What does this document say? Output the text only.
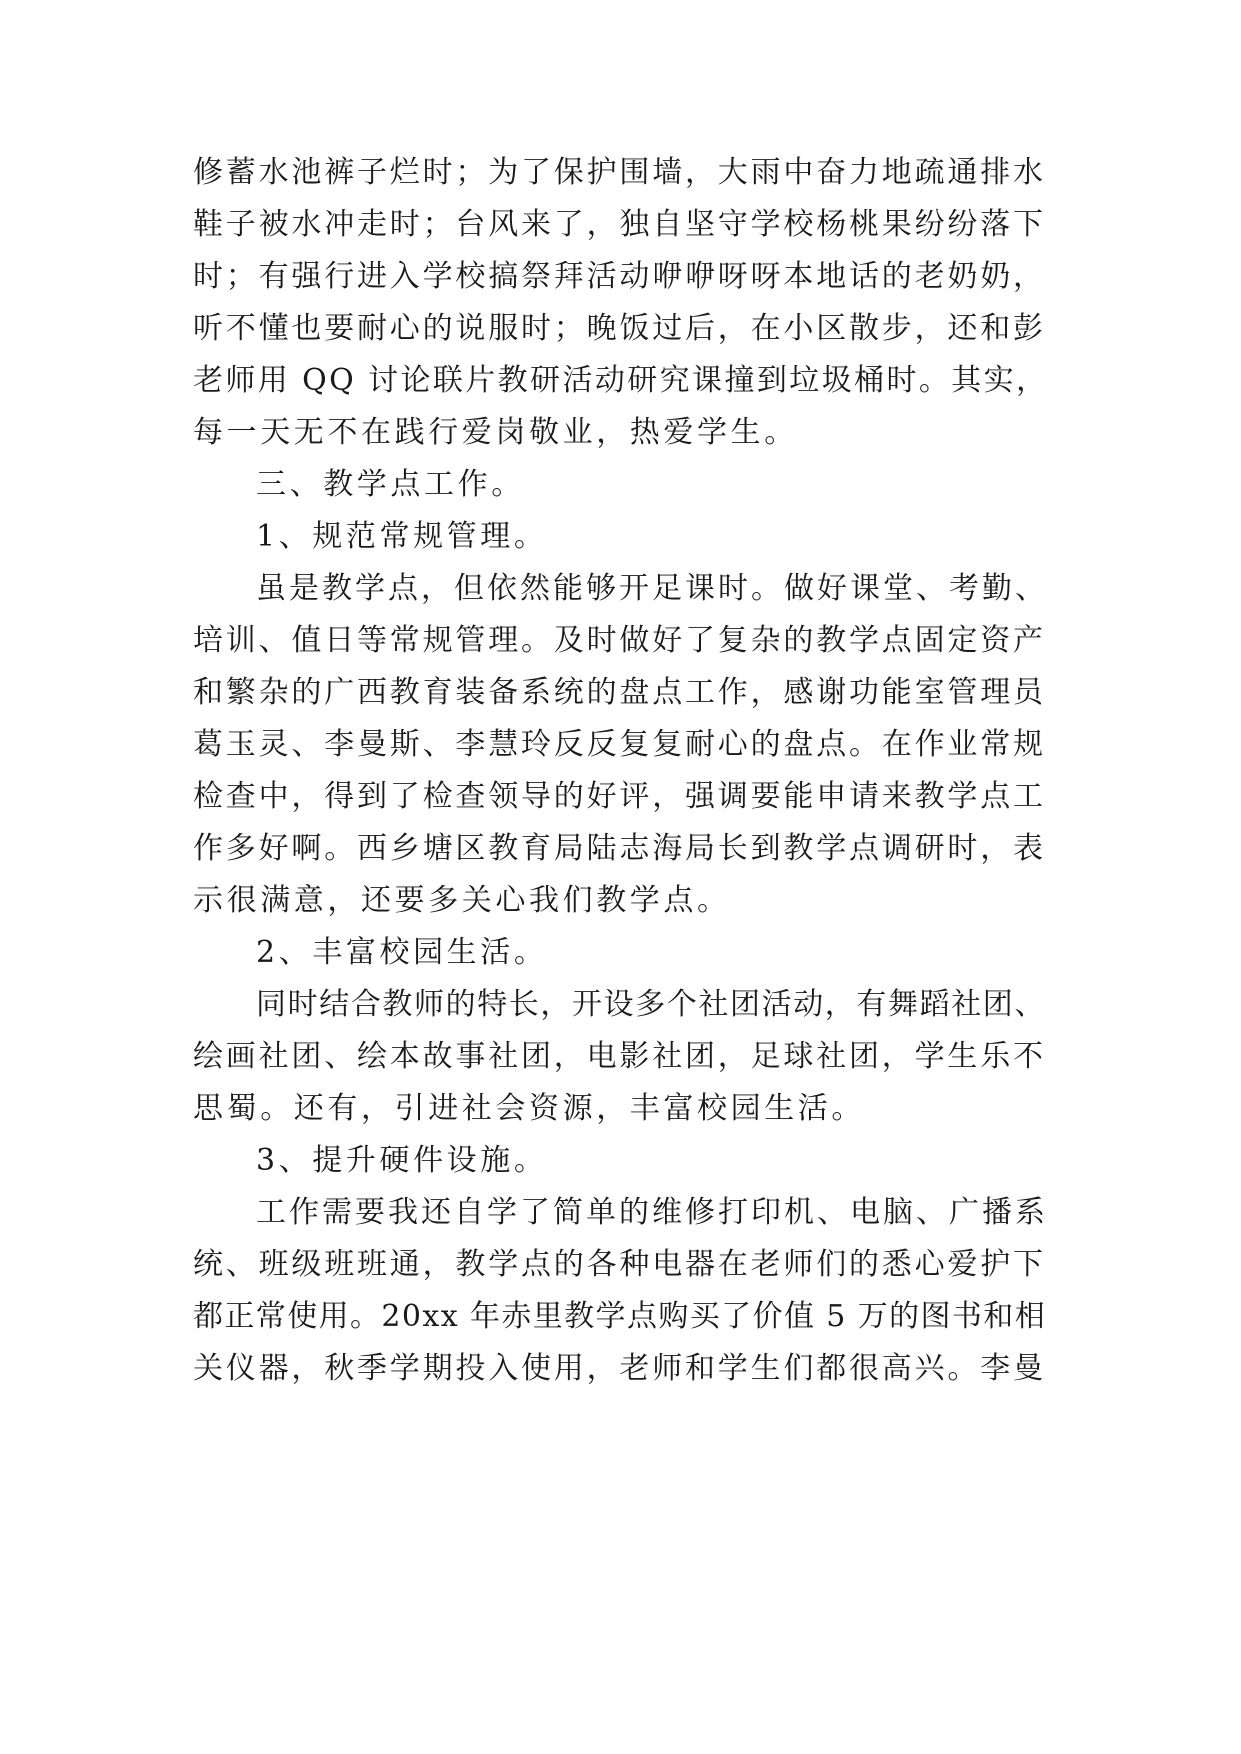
修蓄水池裤子烂时；为了保护围墙，大雨中奋力地疏通排水
鞋子被水冲走时；台风来了，独自坚守学校杨桃果纷纷落下
时；有强行进入学校搞祭拜活动咿咿呀呀本地话的老奶奶，
听不懂也要耐心的说服时；晚饭过后，在小区散步，还和彭
老师用 QQ 讨论联片教研活动研究课撞到垃圾桶时。其实，
每一天无不在践行爱岗敬业，热爱学生。
三、教学点工作。
1、规范常规管理。
虽是教学点，但依然能够开足课时。做好课堂、考勤、
培训、值日等常规管理。及时做好了复杂的教学点固定资产
和繁杂的广西教育装备系统的盘点工作，感谢功能室管理员
葛玉灵、李曼斯、李慧玲反反复复耐心的盘点。在作业常规
检查中，得到了检查领导的好评，强调要能申请来教学点工
作多好啊。西乡塘区教育局陆志海局长到教学点调研时，表
示很满意，还要多关心我们教学点。
2、丰富校园生活。
同时结合教师的特长，开设多个社团活动，有舞蹈社团、
绘画社团、绘本故事社团，电影社团，足球社团，学生乐不
思蜀。还有，引进社会资源，丰富校园生活。
3、提升硬件设施。
工作需要我还自学了简单的维修打印机、电脑、广播系
统、班级班班通，教学点的各种电器在老师们的悉心爱护下
都正常使用。20xx 年赤里教学点购买了价值 5 万的图书和相
关仪器，秋季学期投入使用，老师和学生们都很高兴。李曼
